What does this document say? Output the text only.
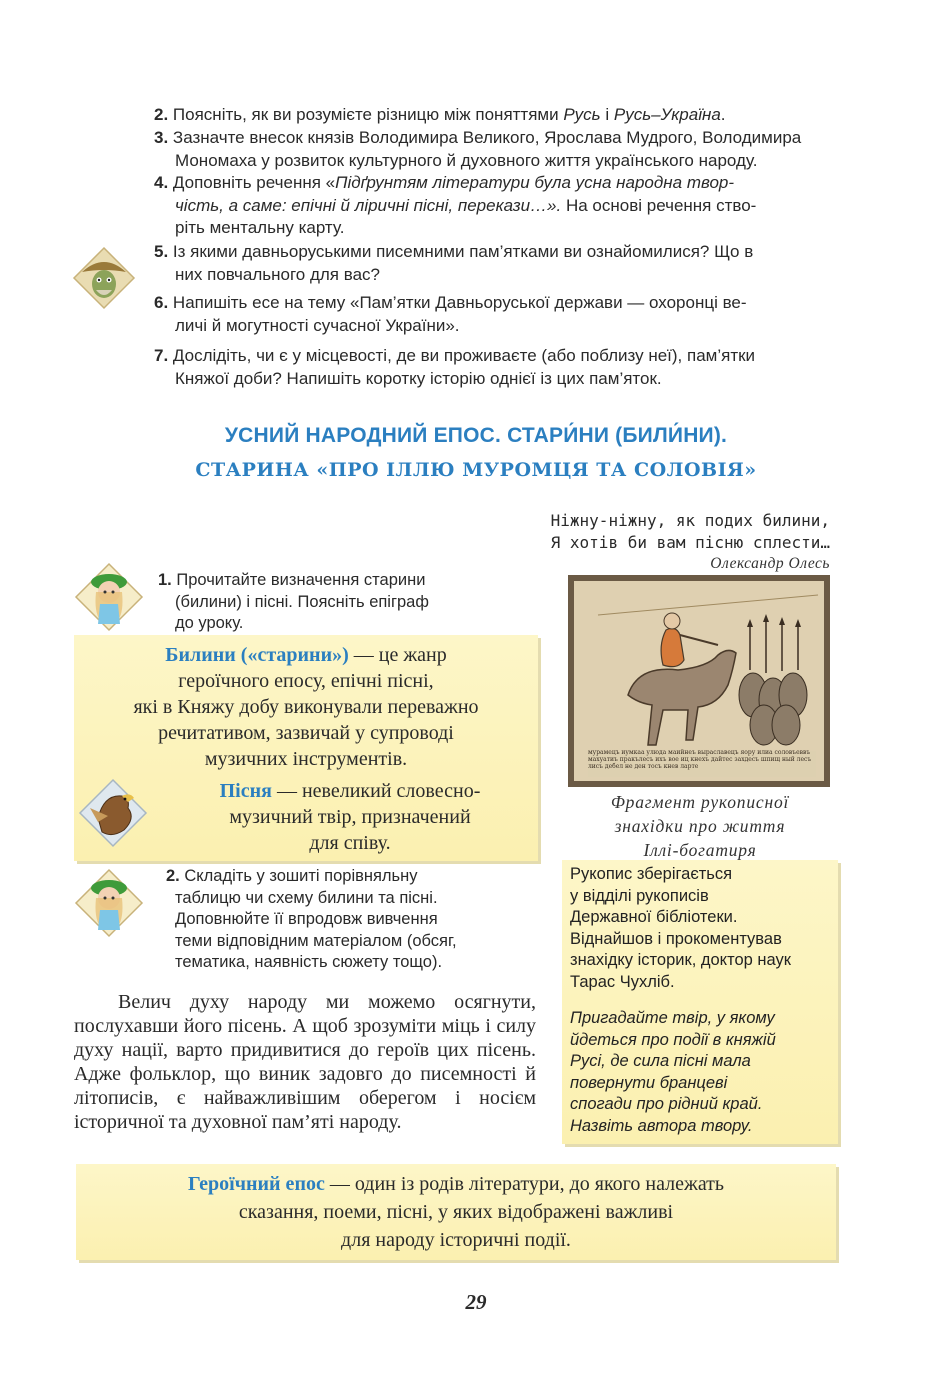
2. Поясніть, як ви розумієте різницю між поняттями Русь і Русь–Україна.
3. Зазначте внесок князів Володимира Великого, Ярослава Мудрого, Володимира
Мономаха у розвиток культурного й духовного життя українського народу.
4. Доповніть речення «Підґрунтям літератури була усна народна твор-
чість, а саме: епічні й ліричні пісні, перекази…». На основі речення ство-
ріть ментальну карту.
5. Із якими давньоруськими писемними пам’ятками ви ознайомилися? Що в
них повчального для вас?
6. Напишіть есе на тему «Пам’ятки Давньоруської держави — охоронці ве-
личі й могутності сучасної України».
7. Дослідіть, чи є у місцевості, де ви проживаєте (або поблизу неї), пам’ятки
Княжої доби? Напишіть коротку історію однієї із цих пам’яток.
УСНИЙ НАРОДНИЙ ЕПОС. СТАРИ́НИ (БИЛИ́НИ).
СТАРИНА «ПРО ІЛЛЮ МУРОМЦЯ ТА СОЛОВІЯ»
Ніжну-ніжну, як подих билини,
Я хотів би вам пісню сплести…
Олександр Олесь
1. Прочитайте визначення старини
(билини) і пісні. Поясніть епіграф
до уроку.
мурамецъ иумкаа улюда маийнеъ выраславецъ яору илиа соловъеввъ махуатиъ пракълесъ ихъ вое иц кнехъ дайтес захдесъ шпищ ный лесъ лисъ дебел не ден тосъ кнев ларте
Билини («старини») — це жанр
героїчного епосу, епічні пісні,
які в Княжу добу виконували переважно
речитативом, зазвичай у супроводі
музичних інструментів.
Пісня — невеликий словесно-
музичний твір, призначений
для співу.
Фрагмент рукописної
знахідки про життя
Іллі-богатиря
2. Складіть у зошиті порівняльну
таблицю чи схему билини та пісні.
Доповнюйте її впродовж вивчення
теми відповідним матеріалом (обсяг,
тематика, наявність сюжету тощо).
Рукопис зберігається
у відділі рукописів
Державної бібліотеки.
Віднайшов і прокоментував
знахідку історик, доктор наук
Тарас Чухліб.
Пригадайте твір, у якому
йдеться про події в княжій
Русі, де сила пісні мала
повернути бранцеві
спогади про рідний край.
Назвіть автора твору.
Велич духу народу ми можемо осягнути, послухавши його пісень. А щоб зрозуміти міць і силу духу нації, варто придивитися до героїв цих пісень. Адже фольклор, що виник задовго до писемності й літописів, є найважливішим оберегом і носієм історичної та духовної пам’яті народу.
Героїчний епос — один із родів літератури, до якого належать
сказання, поеми, пісні, у яких відображені важливі
для народу історичні події.
29
